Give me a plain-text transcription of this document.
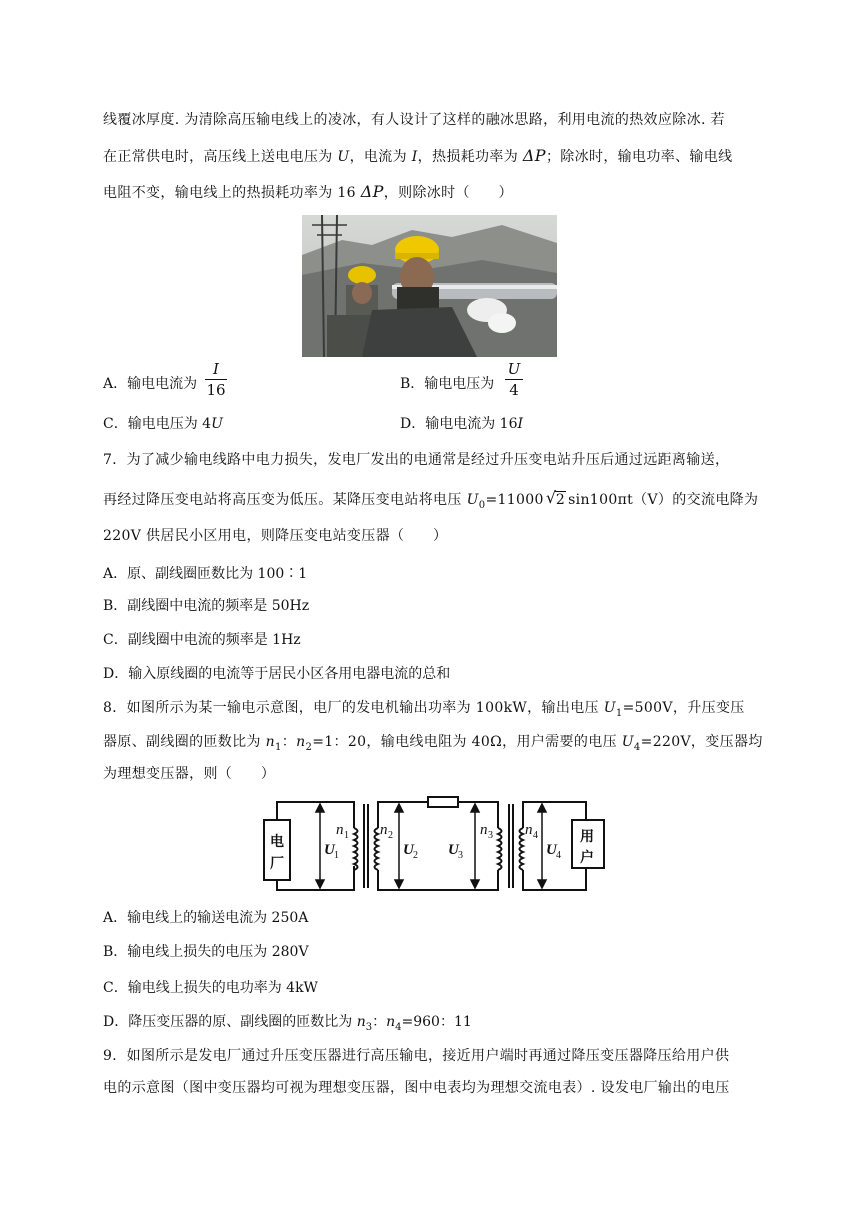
线覆冰厚度. 为清除高压输电线上的凌冰，有人设计了这样的融冰思路，利用电流的热效应除冰. 若
在正常供电时，高压线上送电电压为 U，电流为 I，热损耗功率为 ΔP；除冰时，输电功率、输电线
电阻不变，输电线上的热损耗功率为 16 ΔP，则除冰时（　　）
A．输电电流为
I
16	B．输电电压为
U
4
C．输电电压为 4U	D．输电电流为 16I
7．为了减少输电线路中电力损失，发电厂发出的电通常是经过升压变电站升压后通过远距离输送，
再经过降压变电站将高压变为低压。某降压变电站将电压 $U_0=11000$ √ 2 sin100πt（V）的交流电降为
220V 供居民小区用电，则降压变电站变压器（　　）
A．原、副线圈匝数比为 100∶1
B．副线圈中电流的频率是 50Hz
C．副线圈中电流的频率是 1Hz
D．输入原线圈的电流等于居民小区各用电器电流的总和
8．如图所示为某一输电示意图，电厂的发电机输出功率为 100kW，输出电压 $U_1=500V$，升压变压
器原、副线圈的匝数比为 $n_1$：$n_2=1$：20，输电线电阻为 40Ω，用户需要的电压 $U_4=220V$，变压器均
为理想变压器，则（　　）
电
厂
用
户
n 1 n 2	n 3 n 4
U 1	U 2 U 3	U 4
A．输电线上的输送电流为 250A
B．输电线上损失的电压为 280V
C．输电线上损失的电功率为 4kW
D．降压变压器的原、副线圈的匝数比为 $n_3$：$n_4=960$：11
9．如图所示是发电厂通过升压变压器进行高压输电，接近用户端时再通过降压变压器降压给用户供
电的示意图（图中变压器均可视为理想变压器，图中电表均为理想交流电表）. 设发电厂输出的电压
